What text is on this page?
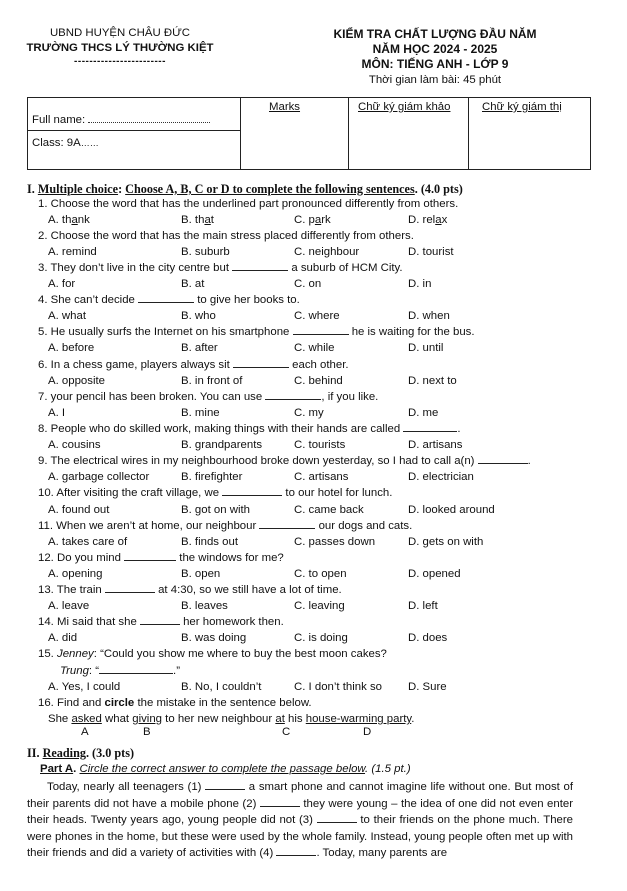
UBND HUYỆN CHÂU ĐỨC
TRƯỜNG THCS LÝ THƯỜNG KIỆT
------------------------
KIỂM TRA CHẤT LƯỢNG ĐẦU NĂM
NĂM HỌC 2024 - 2025
MÔN: TIẾNG ANH - LỚP 9
Thời gian làm bài: 45 phút
Marks	Chữ ký giám khảo	Chữ ký giám thị
Full name:
Class: 9A……
I. Multiple choice: Choose A, B, C or D to complete the following sentences. (4.0 pts)
1. Choose the word that has the underlined part pronounced differently from others.
A. thank	B. that	C. park	D. relax
2. Choose the word that has the main stress placed differently from others.
A. remind	B. suburb	C. neighbour	D. tourist
3. They don’t live in the city centre but	a suburb of HCM City.
A. for	B. at	C. on	D. in
4. She can’t decide	to give her books to.
A. what	B. who	C. where	D. when
5. He usually surfs the Internet on his smartphone	he is waiting for the bus.
A. before	B. after	C. while	D. until
6. In a chess game, players always sit	each other.
A. opposite	B. in front of	C. behind	D. next to
7. your pencil has been broken. You can use	, if you like.
A. I	B. mine	C. my	D. me
8. People who do skilled work, making things with their hands are called	.
A. cousins	B. grandparents	C. tourists	D. artisans
9. The electrical wires in my neighbourhood broke down yesterday, so I had to call a(n)	.
A. garbage collector	B. firefighter	C. artisans	D. electrician
10. After visiting the craft village, we	to our hotel for lunch.
A. found out	B. got on with	C. came back	D. looked around
11. When we aren’t at home, our neighbour	our dogs and cats.
A. takes care of	B. finds out	C. passes down	D. gets on with
12. Do you mind	the windows for me?
A. opening	B. open	C. to open	D. opened
13. The train	at 4:30, so we still have a lot of time.
A. leave	B. leaves	C. leaving	D. left
14. Mi said that she	her homework then.
A. did	B. was doing	C. is doing	D. does
15. Jenney: “Could you show me where to buy the best moon cakes?
Trung: “	.”
A. Yes, I could	B. No, I couldn’t	C. I don’t think so D. Sure
16. Find and circle the mistake in the sentence below.
She asked what giving to her new neighbour at his house-warming party.
A	B	C	D
II. Reading. (3.0 pts)
Part A. Circle the correct answer to complete the passage below. (1.5 pt.)
Today, nearly all teenagers (1)	a smart phone and cannot imagine life without one. But most of their parents did not have a mobile phone (2)	they were young – the idea of one did not even enter their heads. Twenty years ago, young people did not (3)	to their friends on the phone much. There were phones in the home, but these were used by the whole family. Instead, young people often met up with their friends and did a variety of activities with (4)	. Today, many parents are
